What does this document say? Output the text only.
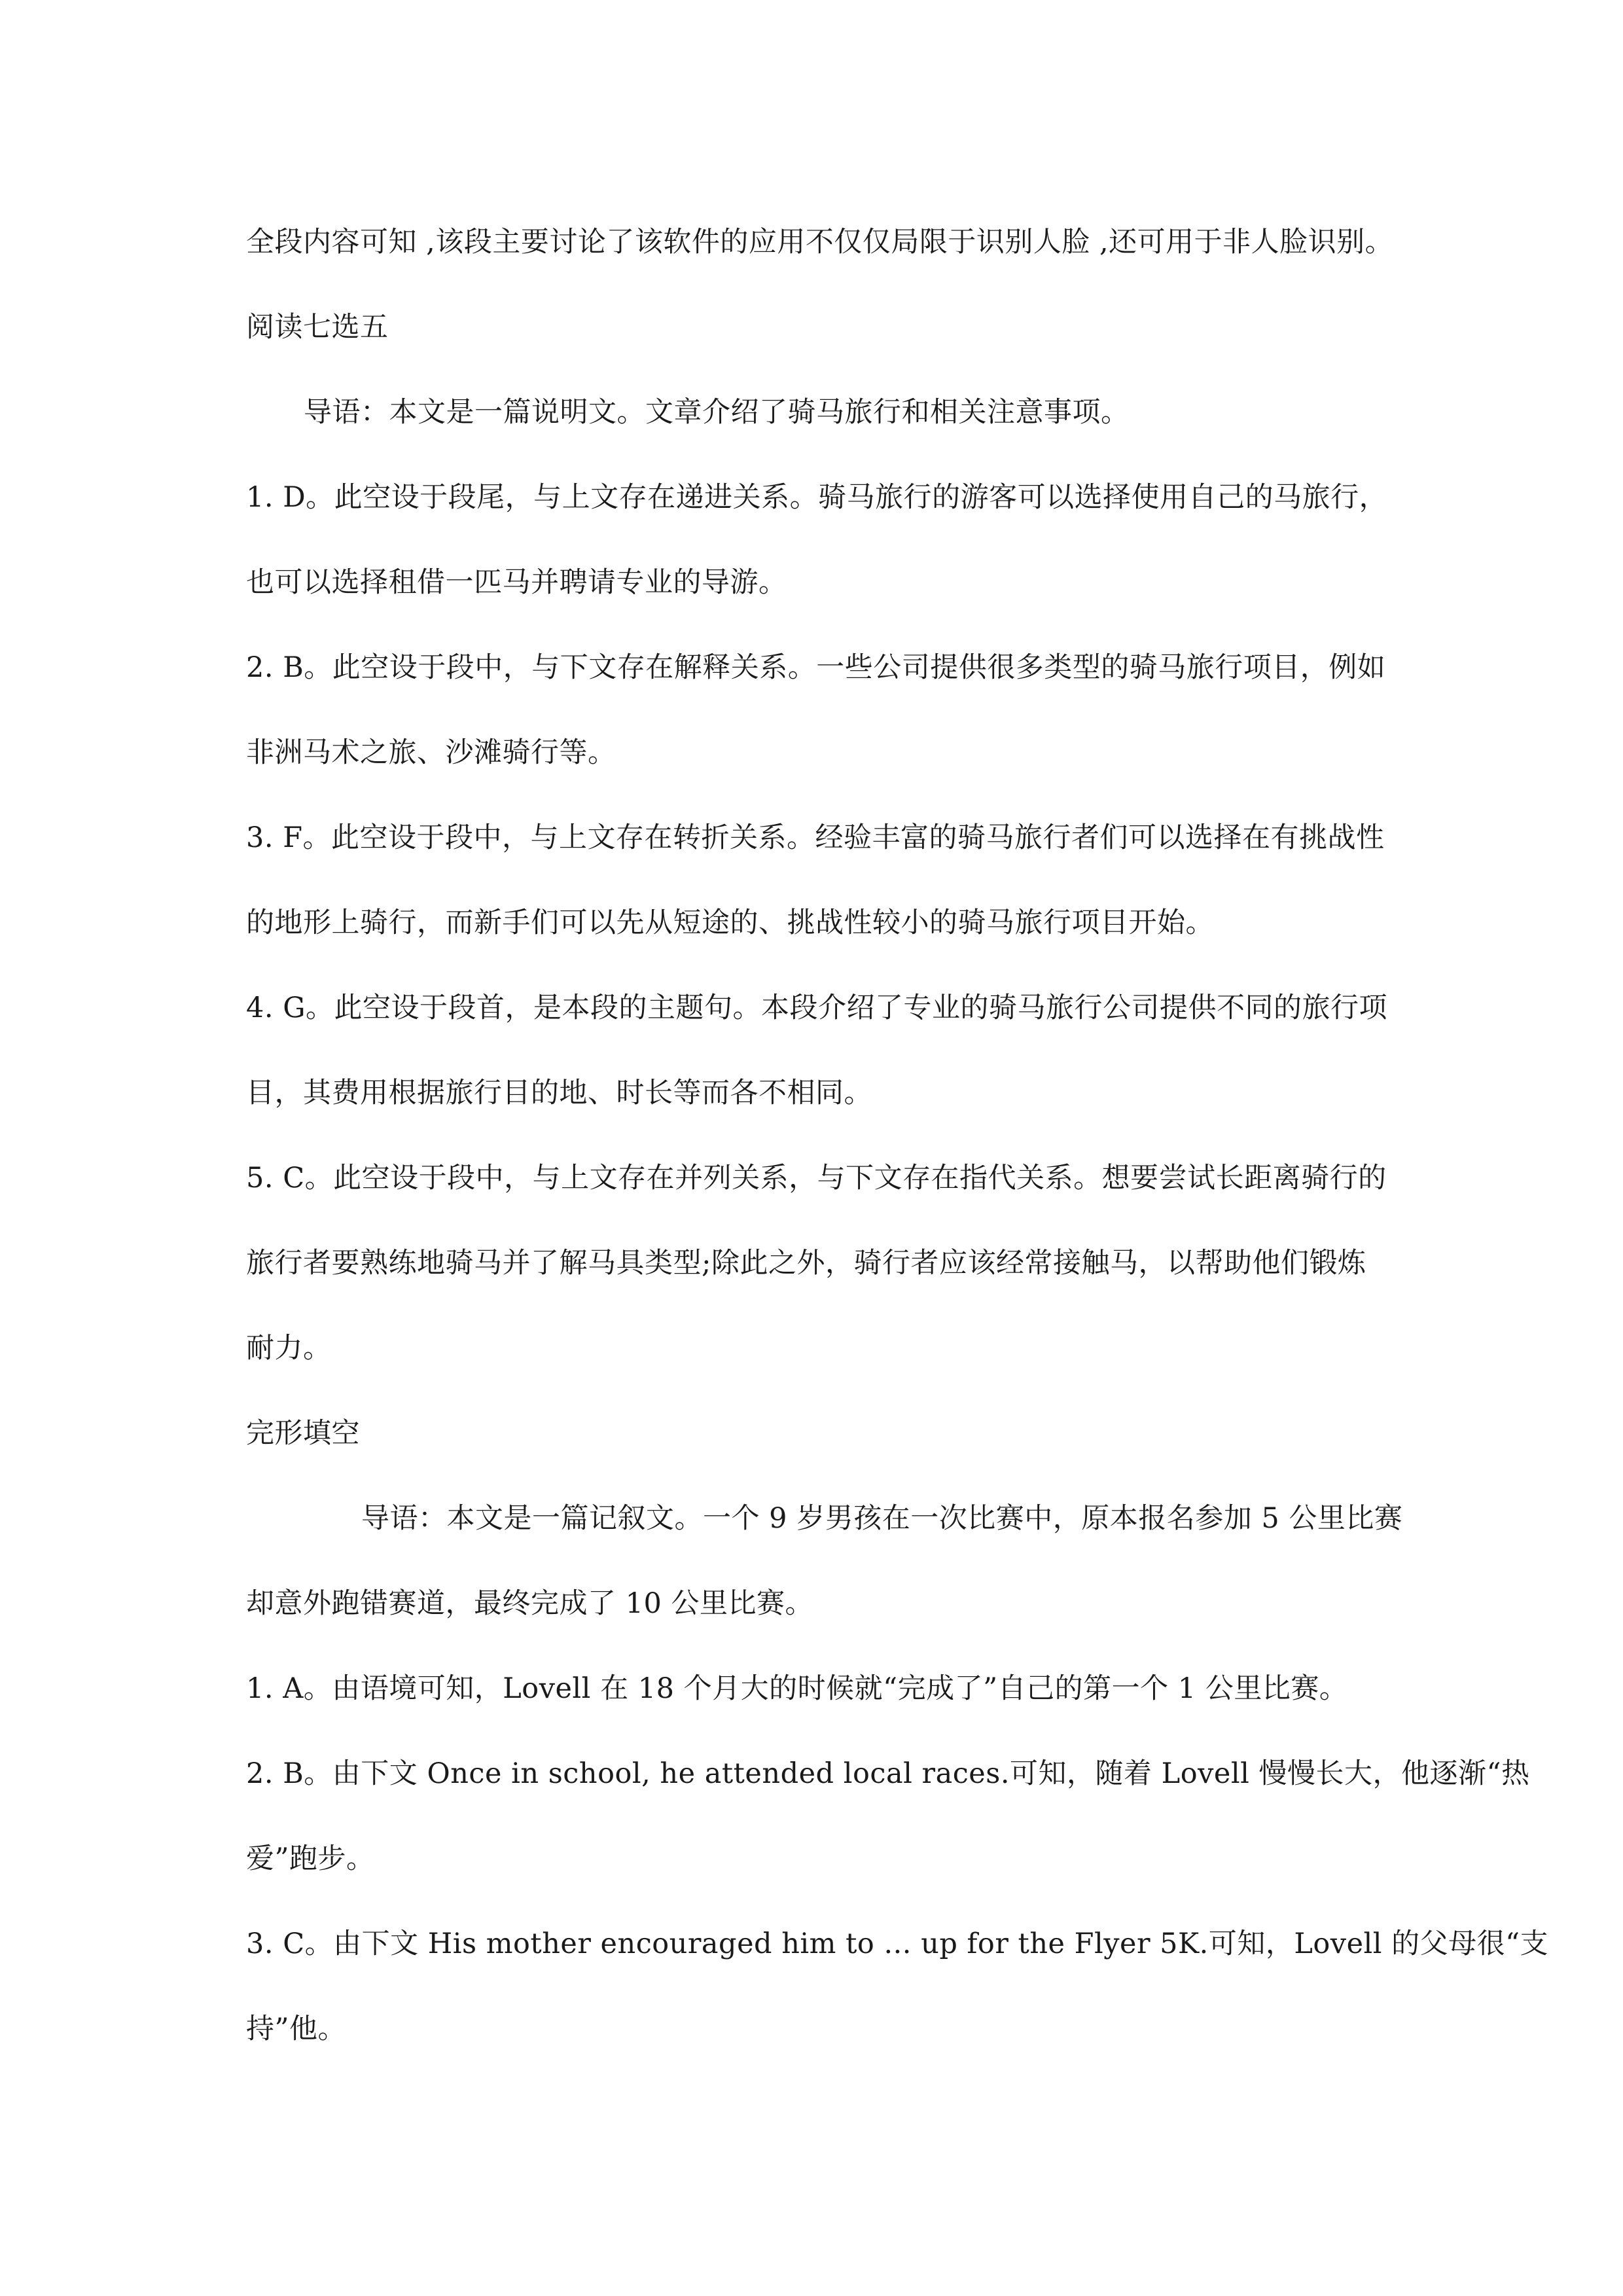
全段内容可知 ,该段主要讨论了该软件的应用不仅仅局限于识别人脸 ,还可用于非人脸识别。
阅读七选五
导语：本文是一篇说明文。文章介绍了骑马旅行和相关注意事项。
1. D。此空设于段尾，与上文存在递进关系。骑马旅行的游客可以选择使用自己的马旅行，
也可以选择租借一匹马并聘请专业的导游。
2. B。此空设于段中，与下文存在解释关系。一些公司提供很多类型的骑马旅行项目，例如
非洲马术之旅、沙滩骑行等。
3. F。此空设于段中，与上文存在转折关系。经验丰富的骑马旅行者们可以选择在有挑战性
的地形上骑行，而新手们可以先从短途的、挑战性较小的骑马旅行项目开始。
4. G。此空设于段首，是本段的主题句。本段介绍了专业的骑马旅行公司提供不同的旅行项
目，其费用根据旅行目的地、时长等而各不相同。
5. C。此空设于段中，与上文存在并列关系，与下文存在指代关系。想要尝试长距离骑行的
旅行者要熟练地骑马并了解马具类型;除此之外，骑行者应该经常接触马，以帮助他们锻炼
耐力。
完形填空
导语：本文是一篇记叙文。一个 9 岁男孩在一次比赛中，原本报名参加 5 公里比赛
却意外跑错赛道，最终完成了 10 公里比赛。
1. A。由语境可知，Lovell 在 18 个月大的时候就“完成了”自己的第一个 1 公里比赛。
2. B。由下文 Once in school, he attended local races.可知，随着 Lovell 慢慢长大，他逐渐“热
爱”跑步。
3. C。由下文 His mother encouraged him to ... up for the Flyer 5K.可知，Lovell 的父母很“支
持”他。
